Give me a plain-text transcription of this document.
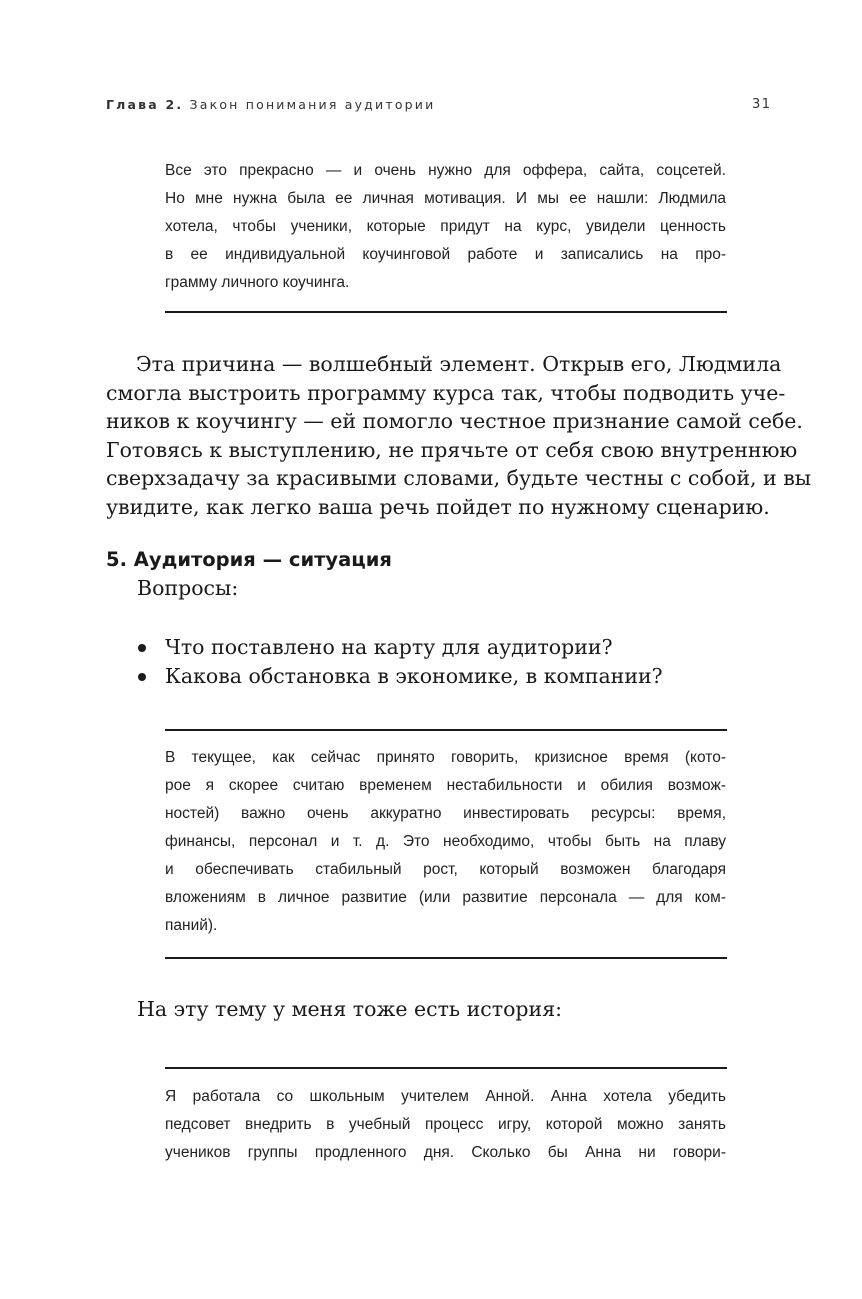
Глава 2. Закон понимания аудитории	31
Все это прекрасно — и очень нужно для оффера, сайта, соцсетей.
Но мне нужна была ее личная мотивация. И мы ее нашли: Людмила
хотела, чтобы ученики, которые придут на курс, увидели ценность
в ее индивидуальной коучинговой работе и записались на про-
грамму личного коучинга.
Эта причина — волшебный элемент. Открыв его, Людмила
смогла выстроить программу курса так, чтобы подводить уче-
ников к коучингу — ей помогло честное признание самой себе.
Готовясь к выступлению, не прячьте от себя свою внутреннюю
сверхзадачу за красивыми словами, будьте честны с собой, и вы
увидите, как легко ваша речь пойдет по нужному сценарию.
5. Аудитория — ситуация
Вопросы:
Что поставлено на карту для аудитории?
Какова обстановка в экономике, в компании?
В текущее, как сейчас принято говорить, кризисное время (кото-
рое я скорее считаю временем нестабильности и обилия возмож-
ностей) важно очень аккуратно инвестировать ресурсы: время,
финансы, персонал и т. д. Это необходимо, чтобы быть на плаву
и обеспечивать стабильный рост, который возможен благодаря
вложениям в личное развитие (или развитие персонала — для ком-
паний).
На эту тему у меня тоже есть история:
Я работала со школьным учителем Анной. Анна хотела убедить
педсовет внедрить в учебный процесс игру, которой можно занять
учеников группы продленного дня. Сколько бы Анна ни говори-
